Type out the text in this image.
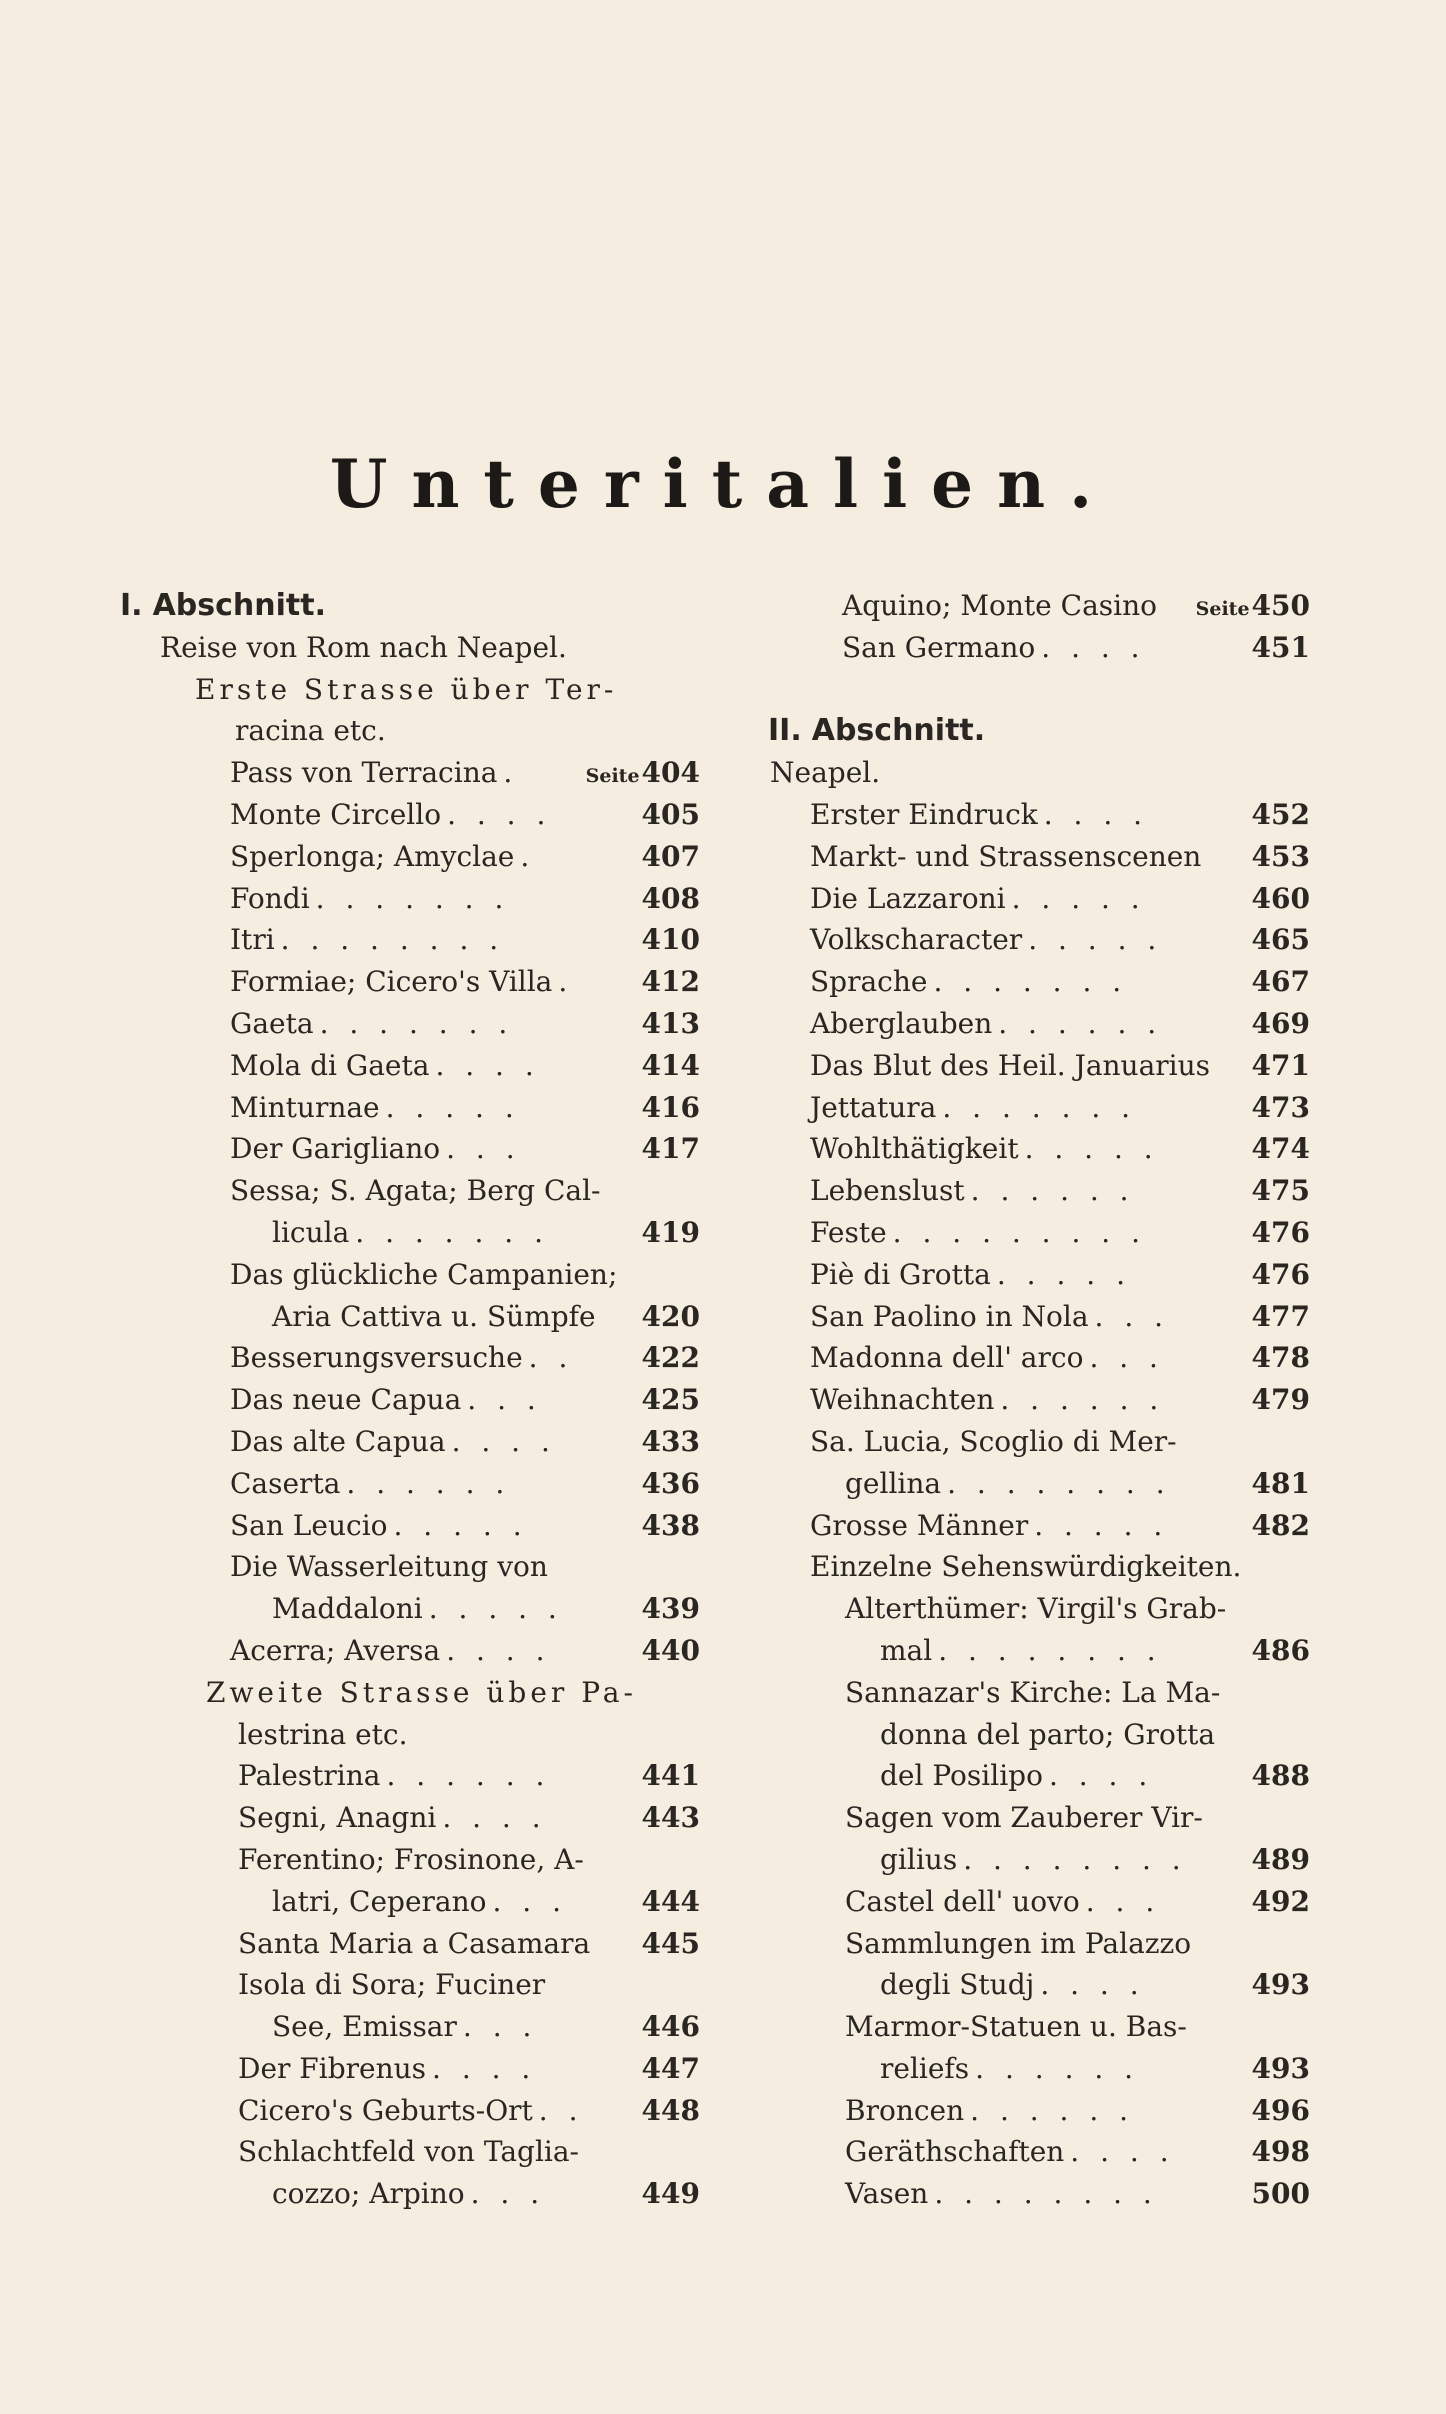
Unteritalien.
I. Abschnitt.
Reise von Rom nach Neapel.
Erste Strasse über Ter-
racina etc.
Pass von Terracina .	Seite404
Monte Circello . . . .	405
Sperlonga; Amyclae .	407
Fondi . . . . . . .	408
Itri . . . . . . . .	410
Formiae; Cicero's Villa . 412
Gaeta . . . . . . .	413
Mola di Gaeta . . . .	414
Minturnae . . . . .	416
Der Garigliano . . .	417
Sessa; S. Agata; Berg Cal-
licula . . . . . . .	419
Das glückliche Campanien;
Aria Cattiva u. Sümpfe 420
Besserungsversuche . . 422
Das neue Capua . . .	425
Das alte Capua . . . .	433
Caserta . . . . . .	436
San Leucio . . . . .	438
Die Wasserleitung von
Maddaloni . . . . .	439
Acerra; Aversa . . . .	440
Zweite Strasse über Pa-
lestrina etc.
Palestrina . . . . . .	441
Segni, Anagni . . . .	443
Ferentino; Frosinone, A-
latri, Ceperano . . .	444
Santa Maria a Casamara 445
Isola di Sora; Fuciner
See, Emissar . . .	446
Der Fibrenus . . . .	447
Cicero's Geburts-Ort . . 448
Schlachtfeld von Taglia-
cozzo; Arpino . . .	449
Aquino; Monte Casino Seite450
San Germano . . . .	451
II. Abschnitt.
Neapel.
Erster Eindruck . . . .	452
Markt- und Strassenscenen 453
Die Lazzaroni . . . . .	460
Volkscharacter . . . . .	465
Sprache . . . . . . .	467
Aberglauben . . . . . .	469
Das Blut des Heil. Januarius 471
Jettatura . . . . . . .	473
Wohlthätigkeit . . . . .	474
Lebenslust . . . . . .	475
Feste . . . . . . . . .	476
Piè di Grotta . . . . .	476
San Paolino in Nola . . .	477
Madonna dell' arco . . .	478
Weihnachten . . . . . .	479
Sa. Lucia, Scoglio di Mer-
gellina . . . . . . . .	481
Grosse Männer . . . . .	482
Einzelne Sehenswürdigkeiten.
Alterthümer: Virgil's Grab-
mal . . . . . . . .	486
Sannazar's Kirche: La Ma-
donna del parto; Grotta
del Posilipo . . . .	488
Sagen vom Zauberer Vir-
gilius . . . . . . . . 489
Castel dell' uovo . . .	492
Sammlungen im Palazzo
degli Studj . . . .	493
Marmor-Statuen u. Bas-
reliefs . . . . . .	493
Broncen . . . . . .	496
Geräthschaften . . . .	498
Vasen . . . . . . . .	500
